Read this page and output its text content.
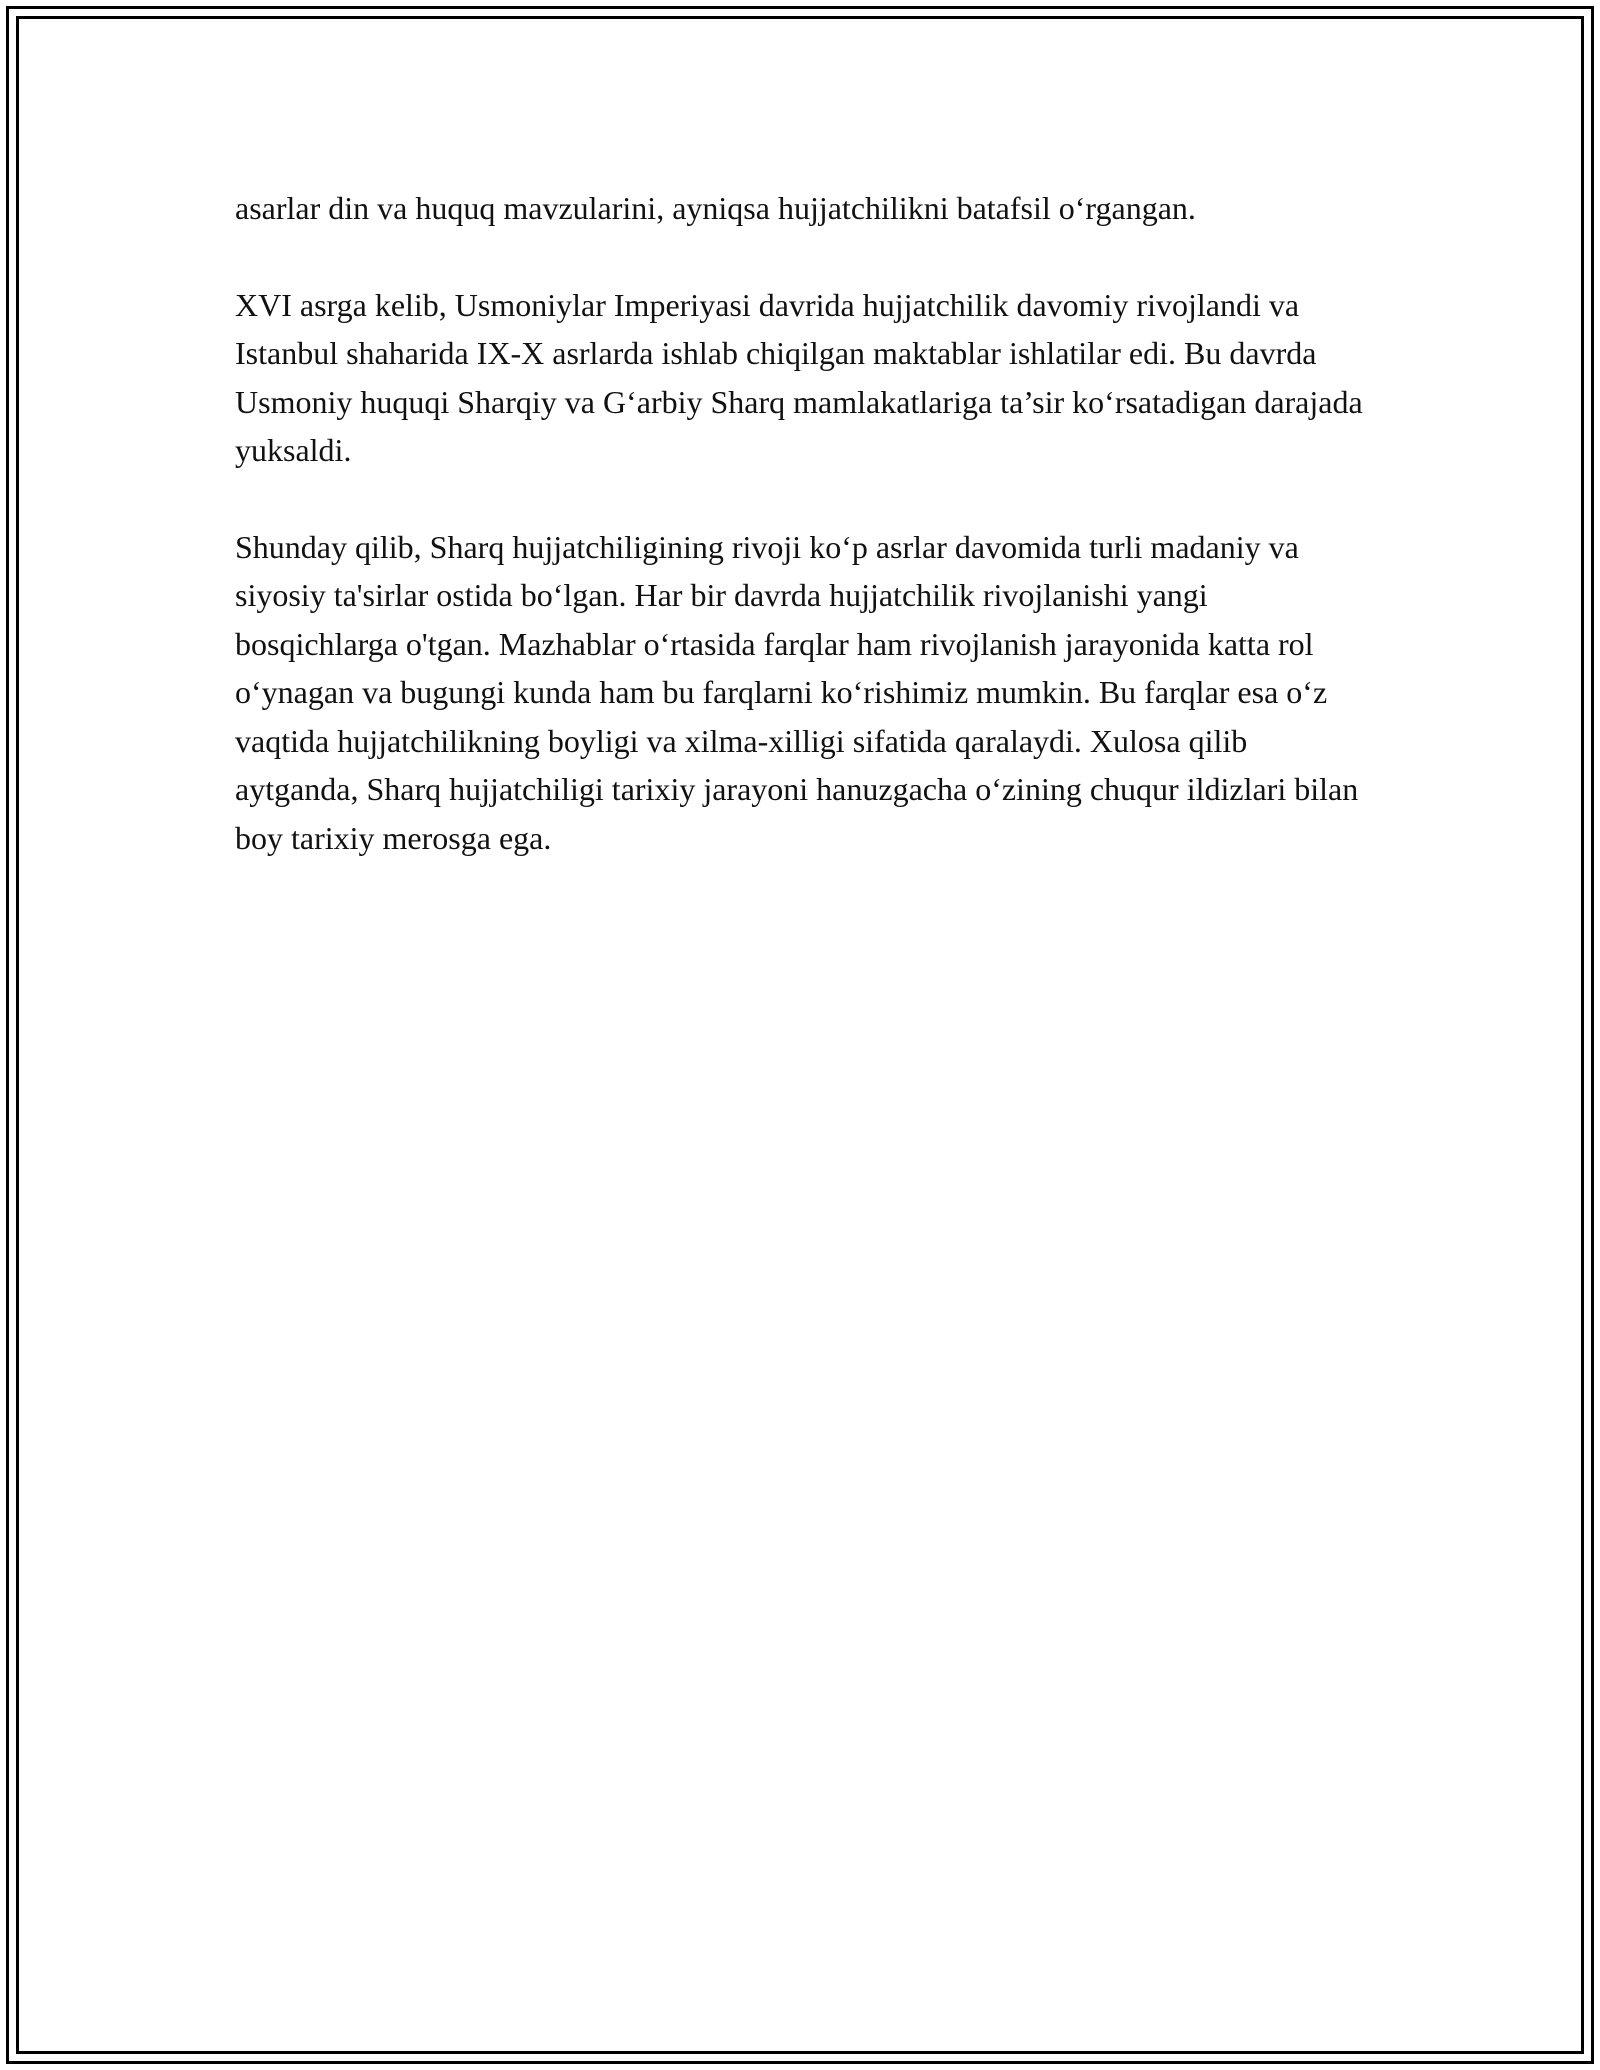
asarlar din va huquq mavzularini, ayniqsa hujjatchilikni batafsil o‘rgangan.

XVI asrga kelib, Usmoniylar Imperiyasi davrida hujjatchilik davomiy rivojlandi va Istanbul shaharida IX-X asrlarda ishlab chiqilgan maktablar ishlatilar edi. Bu davrda Usmoniy huquqi Sharqiy va G‘arbiy Sharq mamlakatlariga ta’sir ko‘rsatadigan darajada yuksaldi.

Shunday qilib, Sharq hujjatchiligining rivoji ko‘p asrlar davomida turli madaniy va siyosiy ta'sirlar ostida bo‘lgan. Har bir davrda hujjatchilik rivojlanishi yangi bosqichlarga o'tgan. Mazhablar o‘rtasida farqlar ham rivojlanish jarayonida katta rol o‘ynagan va bugungi kunda ham bu farqlarni ko‘rishimiz mumkin. Bu farqlar esa o‘z vaqtida hujjatchilikning boyligi va xilma-xilligi sifatida qaralaydi. Xulosa qilib aytganda, Sharq hujjatchiligi tarixiy jarayoni hanuzgacha o‘zining chuqur ildizlari bilan boy tarixiy merosga ega.
